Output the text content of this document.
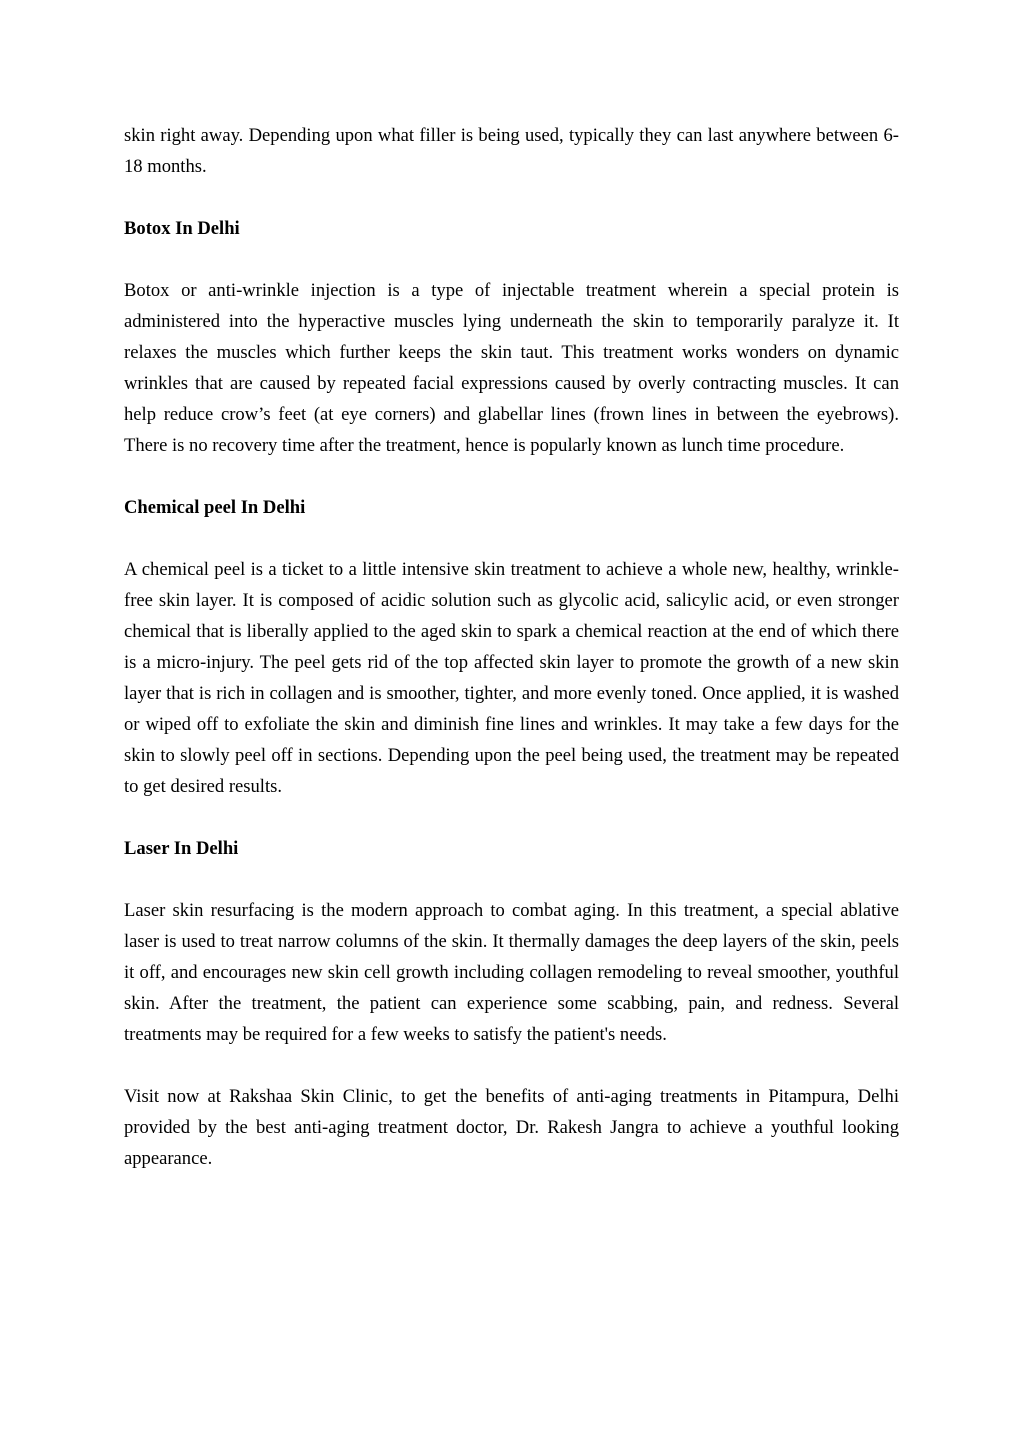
skin right away. Depending upon what filler is being used, typically they can last anywhere between 6-18 months.

Botox In Delhi

Botox or anti-wrinkle injection is a type of injectable treatment wherein a special protein is administered into the hyperactive muscles lying underneath the skin to temporarily paralyze it. It relaxes the muscles which further keeps the skin taut. This treatment works wonders on dynamic wrinkles that are caused by repeated facial expressions caused by overly contracting muscles. It can help reduce crow’s feet (at eye corners) and glabellar lines (frown lines in between the eyebrows). There is no recovery time after the treatment, hence is popularly known as lunch time procedure.

Chemical peel In Delhi

A chemical peel is a ticket to a little intensive skin treatment to achieve a whole new, healthy, wrinkle-free skin layer. It is composed of acidic solution such as glycolic acid, salicylic acid, or even stronger chemical that is liberally applied to the aged skin to spark a chemical reaction at the end of which there is a micro-injury. The peel gets rid of the top affected skin layer to promote the growth of a new skin layer that is rich in collagen and is smoother, tighter, and more evenly toned. Once applied, it is washed or wiped off to exfoliate the skin and diminish fine lines and wrinkles. It may take a few days for the skin to slowly peel off in sections. Depending upon the peel being used, the treatment may be repeated to get desired results.

Laser In Delhi

Laser skin resurfacing is the modern approach to combat aging. In this treatment, a special ablative laser is used to treat narrow columns of the skin. It thermally damages the deep layers of the skin, peels it off, and encourages new skin cell growth including collagen remodeling to reveal smoother, youthful skin. After the treatment, the patient can experience some scabbing, pain, and redness. Several treatments may be required for a few weeks to satisfy the patient's needs.

Visit now at Rakshaa Skin Clinic, to get the benefits of anti-aging treatments in Pitampura, Delhi provided by the best anti-aging treatment doctor, Dr. Rakesh Jangra to achieve a youthful looking appearance.
